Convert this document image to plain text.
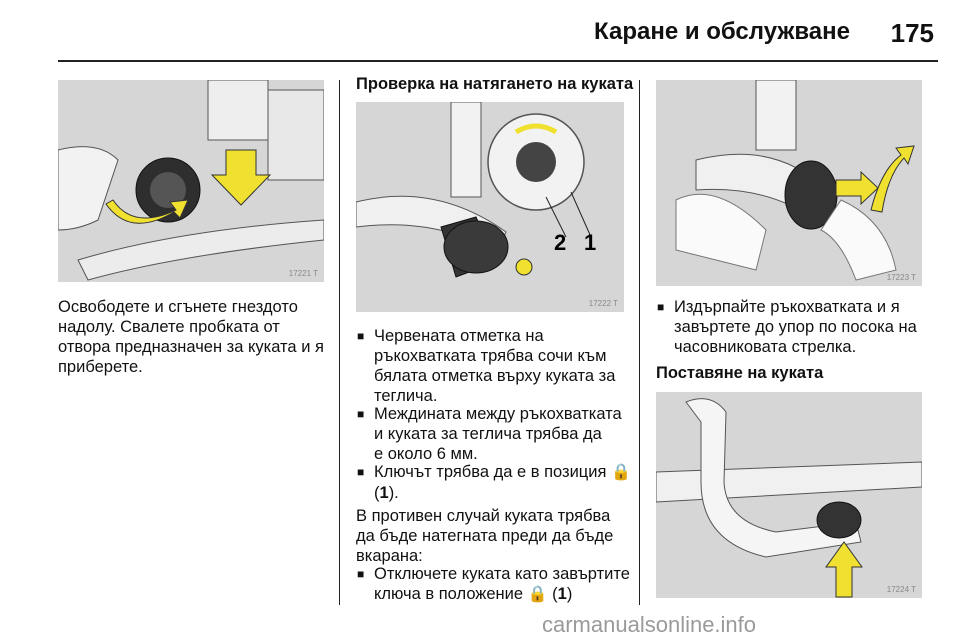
Каране и обслужване	175
17221 T
2 1
17222 T
17223 T
17224 T
Освободете и сгънете гнездото
надолу. Свалете пробката от
отвора предназначен за куката и я
приберете.
Проверка на натягането на куката
■ Червената отметка на
ръкохватката трябва сочи към
бялата отметка върху куката за
теглича.
■ Междината между ръкохватката
и куката за теглича трябва да
е около 6 мм.
■ Ключът трябва да е в позиция 🔒
(1).
В противен случай куката трябва
да бъде натегната преди да бъде
вкарана:
■ Отключете куката като завъртите
ключа в положение 🔒 (1)
■ Издърпайте ръкохватката и я
завъртете до упор по посока на
часовниковата стрелка.
Поставяне на куката
carmanualsonline.info
